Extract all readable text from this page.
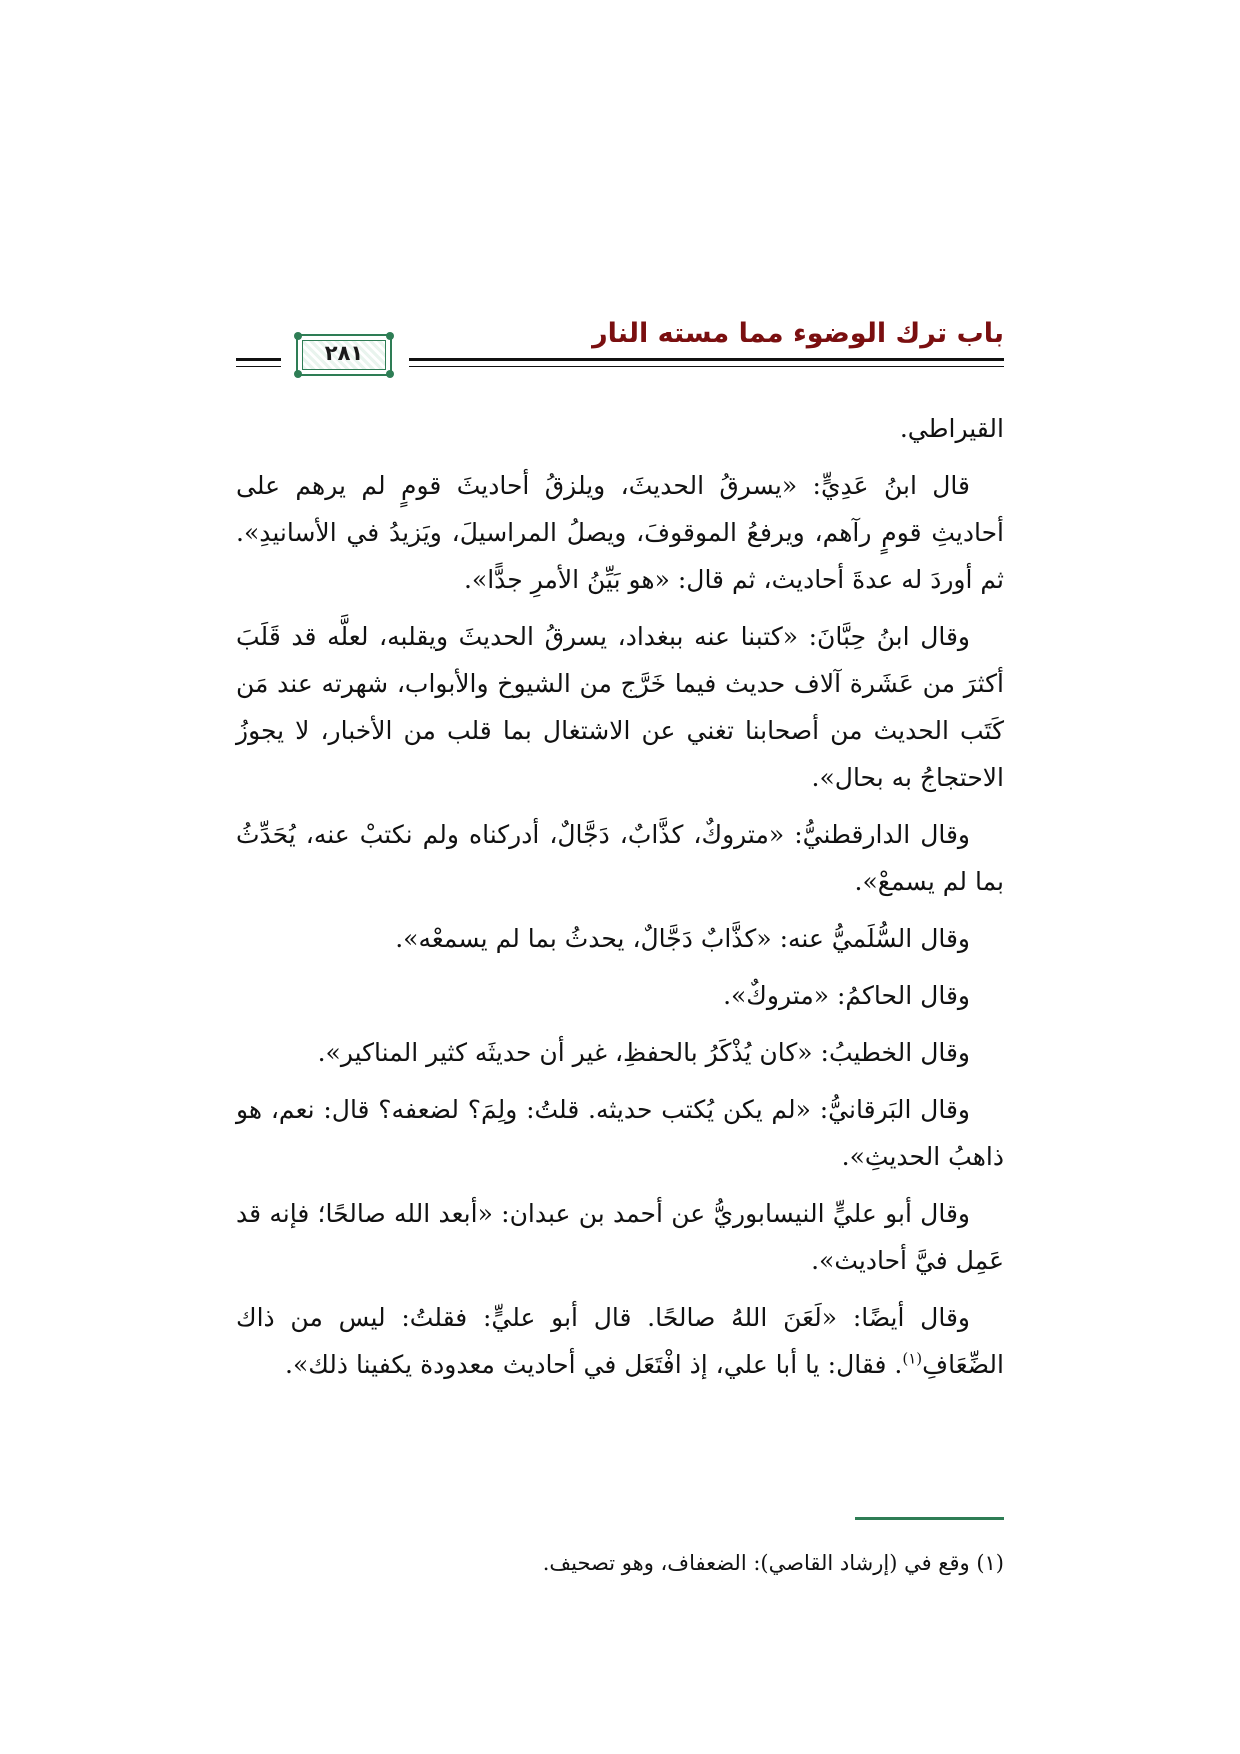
باب ترك الوضوء مما مسته النار
٢٨١

القيراطي.

قال ابنُ عَدِيٍّ: «يسرقُ الحديثَ، ويلزقُ أحاديثَ قومٍ لم يرهم على أحاديثِ قومٍ رآهم، ويرفعُ الموقوفَ، ويصلُ المراسيلَ، ويَزيدُ في الأسانيدِ». ثم أوردَ له عدةَ أحاديث، ثم قال: «هو بَيِّنُ الأمرِ جدًّا».

وقال ابنُ حِبَّانَ: «كتبنا عنه ببغداد، يسرقُ الحديثَ ويقلبه، لعلَّه قد قَلَبَ أكثرَ من عَشَرة آلاف حديث فيما خَرَّج من الشيوخ والأبواب، شهرته عند مَن كَتَب الحديث من أصحابنا تغني عن الاشتغال بما قلب من الأخبار، لا يجوزُ الاحتجاجُ به بحال».

وقال الدارقطنيُّ: «متروكٌ، كذَّابٌ، دَجَّالٌ، أدركناه ولم نكتبْ عنه، يُحَدِّثُ بما لم يسمعْ».

وقال السُّلَميُّ عنه: «كذَّابٌ دَجَّالٌ، يحدثُ بما لم يسمعْه».

وقال الحاكمُ: «متروكٌ».

وقال الخطيبُ: «كان يُذْكَرُ بالحفظِ، غير أن حديثَه كثير المناكير».

وقال البَرقانيُّ: «لم يكن يُكتب حديثه. قلتُ: ولِمَ؟ لضعفه؟ قال: نعم، هو ذاهبُ الحديثِ».

وقال أبو عليٍّ النيسابوريُّ عن أحمد بن عبدان: «أبعد الله صالحًا؛ فإنه قد عَمِل فيَّ أحاديث».

وقال أيضًا: «لَعَنَ اللهُ صالحًا. قال أبو عليٍّ: فقلتُ: ليس من ذاك الضِّعَافِ$^{(١)}$. فقال: يا أبا علي، إذ افْتَعَل في أحاديث معدودة يكفينا ذلك».

(١) وقع في (إرشاد القاصي): الضعفاف، وهو تصحيف.
